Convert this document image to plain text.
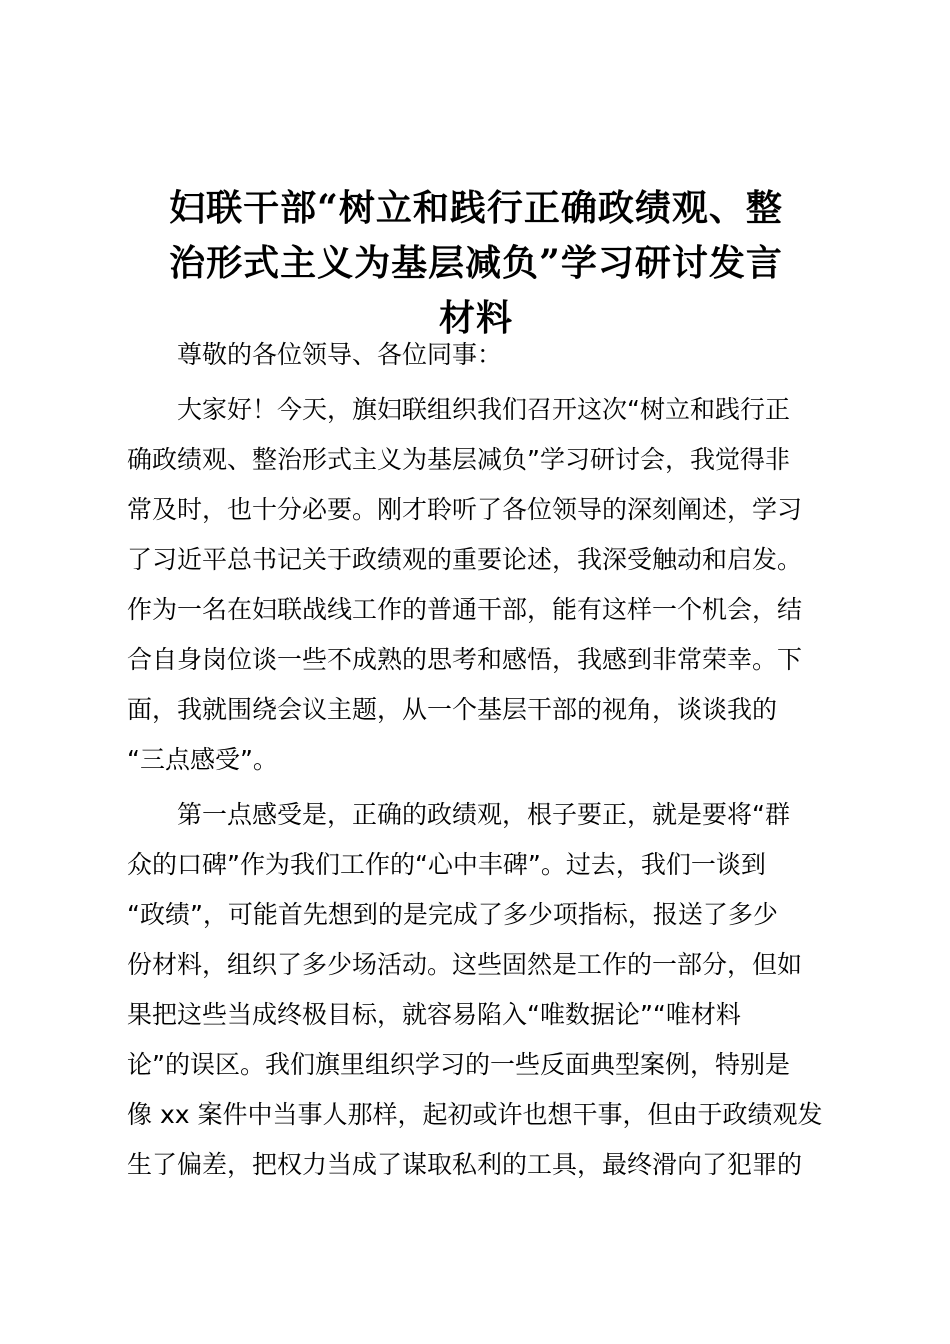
妇联干部“树立和践行正确政绩观、整
治形式主义为基层减负”学习研讨发言
材料
尊敬的各位领导、各位同事：
大家好！今天，旗妇联组织我们召开这次“树立和践行正
确政绩观、整治形式主义为基层减负”学习研讨会，我觉得非
常及时，也十分必要。刚才聆听了各位领导的深刻阐述，学习
了习近平总书记关于政绩观的重要论述，我深受触动和启发。
作为一名在妇联战线工作的普通干部，能有这样一个机会，结
合自身岗位谈一些不成熟的思考和感悟，我感到非常荣幸。下
面，我就围绕会议主题，从一个基层干部的视角，谈谈我的
“三点感受”。
第一点感受是，正确的政绩观，根子要正，就是要将“群
众的口碑”作为我们工作的“心中丰碑”。过去，我们一谈到
“政绩”，可能首先想到的是完成了多少项指标，报送了多少
份材料，组织了多少场活动。这些固然是工作的一部分，但如
果把这些当成终极目标，就容易陷入“唯数据论”“唯材料
论”的误区。我们旗里组织学习的一些反面典型案例，特别是
像 xx 案件中当事人那样，起初或许也想干事，但由于政绩观发
生了偏差，把权力当成了谋取私利的工具，最终滑向了犯罪的
